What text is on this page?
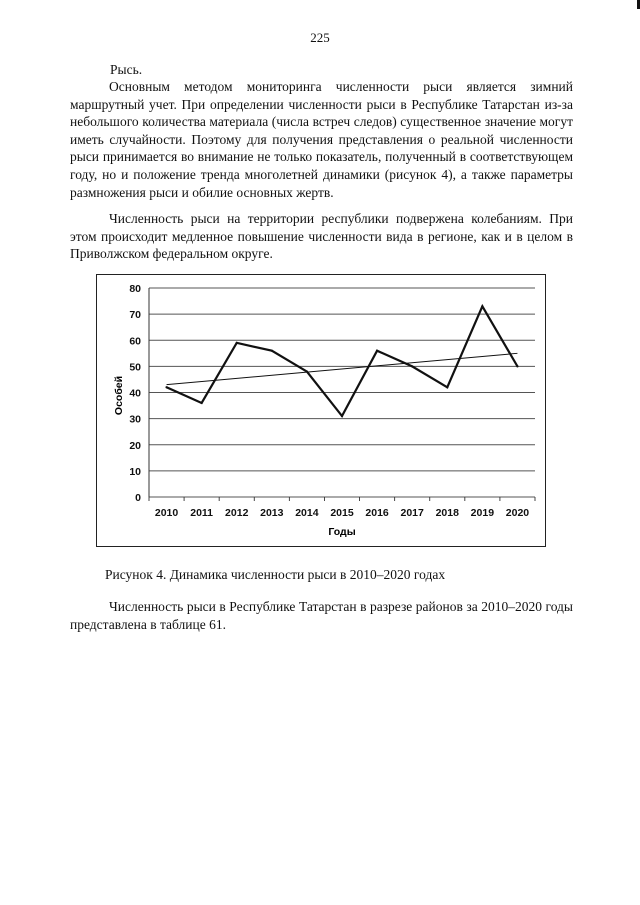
225
Рысь.

Основным методом мониторинга численности рыси является зимний маршрутный учет. При определении численности рыси в Республике Татарстан из-за небольшого количества материала (числа встреч следов) существенное значение могут иметь случайности. Поэтому для получения представления о реальной численности рыси принимается во внимание не только показатель, полученный в соответствующем году, но и положение тренда многолетней динамики (рисунок 4), а также параметры размножения рыси и обилие основных жертв.

Численность рыси на территории республики подвержена колебаниям. При этом происходит медленное повышение численности вида в регионе, как и в целом в Приволжском федеральном округе.

0
10
20
30
40
50
60
70
80
2010 2011 2012 2013 2014 2015 2016 2017 2018 2019 2020
Годы
Особей
Рисунок 4. Динамика численности рыси в 2010–2020 годах

Численность рыси в Республике Татарстан в разрезе районов за 2010–2020 годы представлена в таблице 61.
